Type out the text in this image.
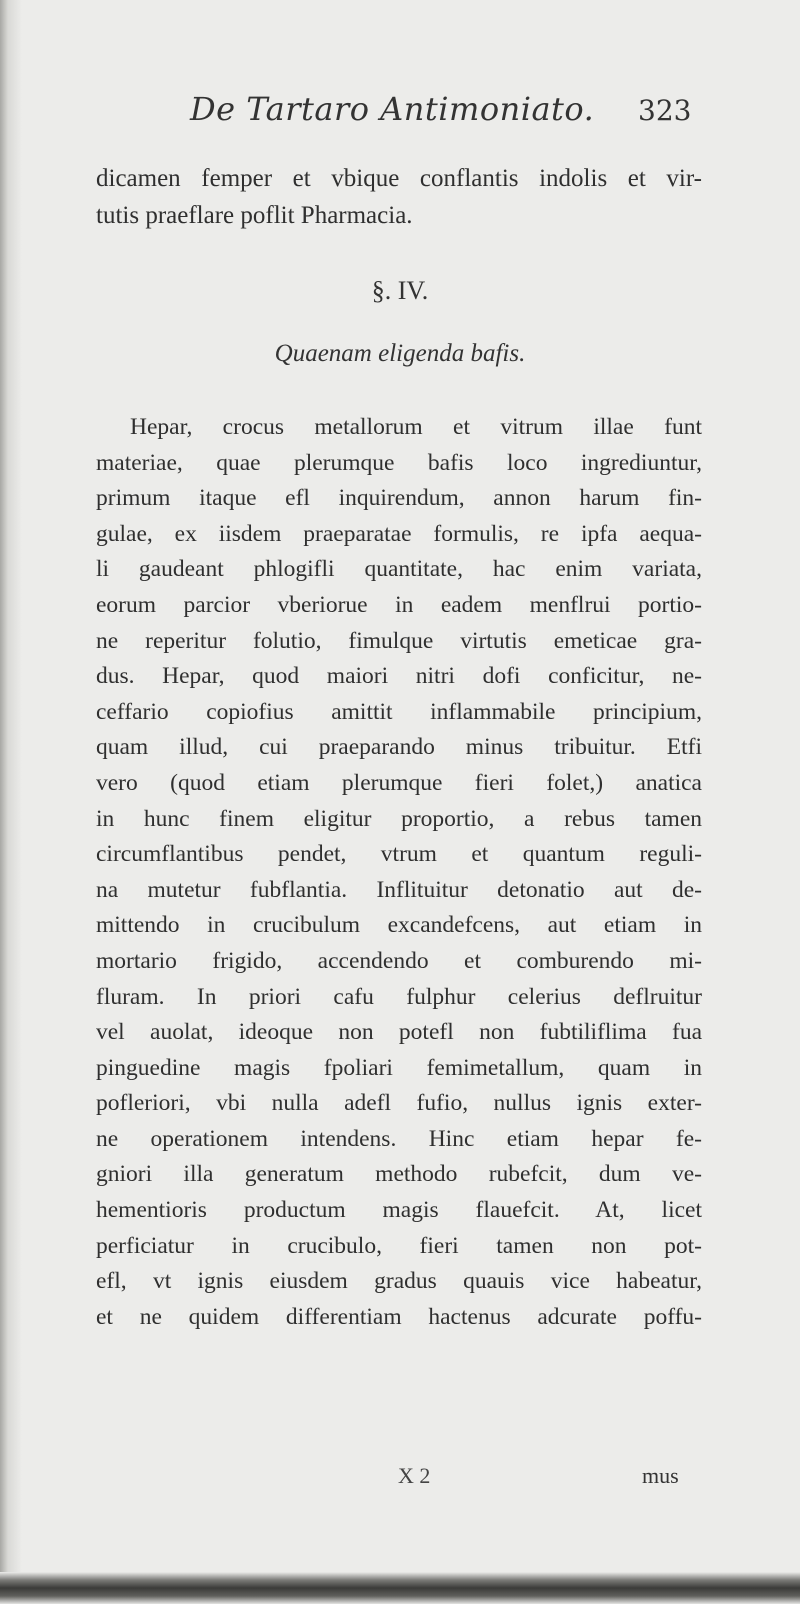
De Tartaro Antimoniato. 323
dicamen femper et vbique conflantis indolis et vir-
tutis praeflare poflit Pharmacia.
§. IV.
Quaenam eligenda bafis.
Hepar, crocus metallorum et vitrum illae funt
materiae, quae plerumque bafis loco ingrediuntur,
primum itaque efl inquirendum, annon harum fin-
gulae, ex iisdem praeparatae formulis, re ipfa aequa-
li gaudeant phlogifli quantitate, hac enim variata,
eorum parcior vberiorue in eadem menflrui portio-
ne reperitur folutio, fimulque virtutis emeticae gra-
dus. Hepar, quod maiori nitri dofi conficitur, ne-
ceffario copiofius amittit inflammabile principium,
quam illud, cui praeparando minus tribuitur. Etfi
vero (quod etiam plerumque fieri folet,) anatica
in hunc finem eligitur proportio, a rebus tamen
circumflantibus pendet, vtrum et quantum reguli-
na mutetur fubflantia. Inflituitur detonatio aut de-
mittendo in crucibulum excandefcens, aut etiam in
mortario frigido, accendendo et comburendo mi-
fluram. In priori cafu fulphur celerius deflruitur
vel auolat, ideoque non potefl non fubtiliflima fua
pinguedine magis fpoliari femimetallum, quam in
pofleriori, vbi nulla adefl fufio, nullus ignis exter-
ne operationem intendens. Hinc etiam hepar fe-
gniori illa generatum methodo rubefcit, dum ve-
hementioris productum magis flauefcit. At, licet
perficiatur in crucibulo, fieri tamen non pot-
efl, vt ignis eiusdem gradus quauis vice habeatur,
et ne quidem differentiam hactenus adcurate poffu-
X 2	mus
